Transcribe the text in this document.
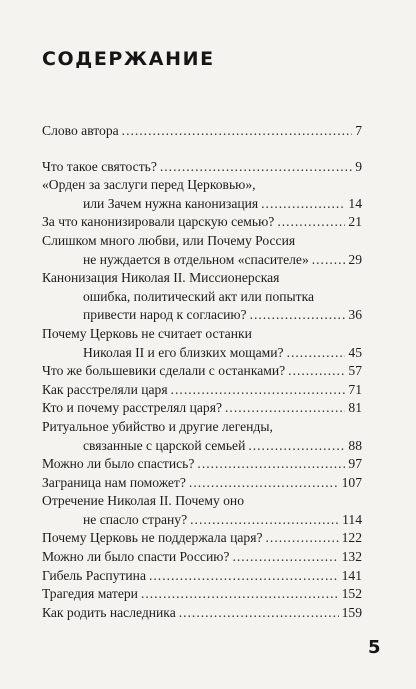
СОДЕРЖАНИЕ
Слово автора .....	7
Что такое святость? .....	9
«Орден за заслуги перед Церковью»,
или Зачем нужна канонизация .....	14
За что канонизировали царскую семью? .....	21
Слишком много любви, или Почему Россия
не нуждается в отдельном «спасителе» .....	29
Канонизация Николая II. Миссионерская
ошибка, политический акт или попытка
привести народ к согласию? .....	36
Почему Церковь не считает останки
Николая II и его близких мощами? .....	45
Что же большевики сделали с останками? .....	57
Как расстреляли царя .....	71
Кто и почему расстрелял царя? .....	81
Ритуальное убийство и другие легенды,
связанные с царской семьей .....	88
Можно ли было спастись? .....	97
Заграница нам поможет? .....	107
Отречение Николая II. Почему оно
не спасло страну? .....	114
Почему Церковь не поддержала царя? .....	122
Можно ли было спасти Россию? .....	132
Гибель Распутина .....	141
Трагедия матери .....	152
Как родить наследника .....	159
5
